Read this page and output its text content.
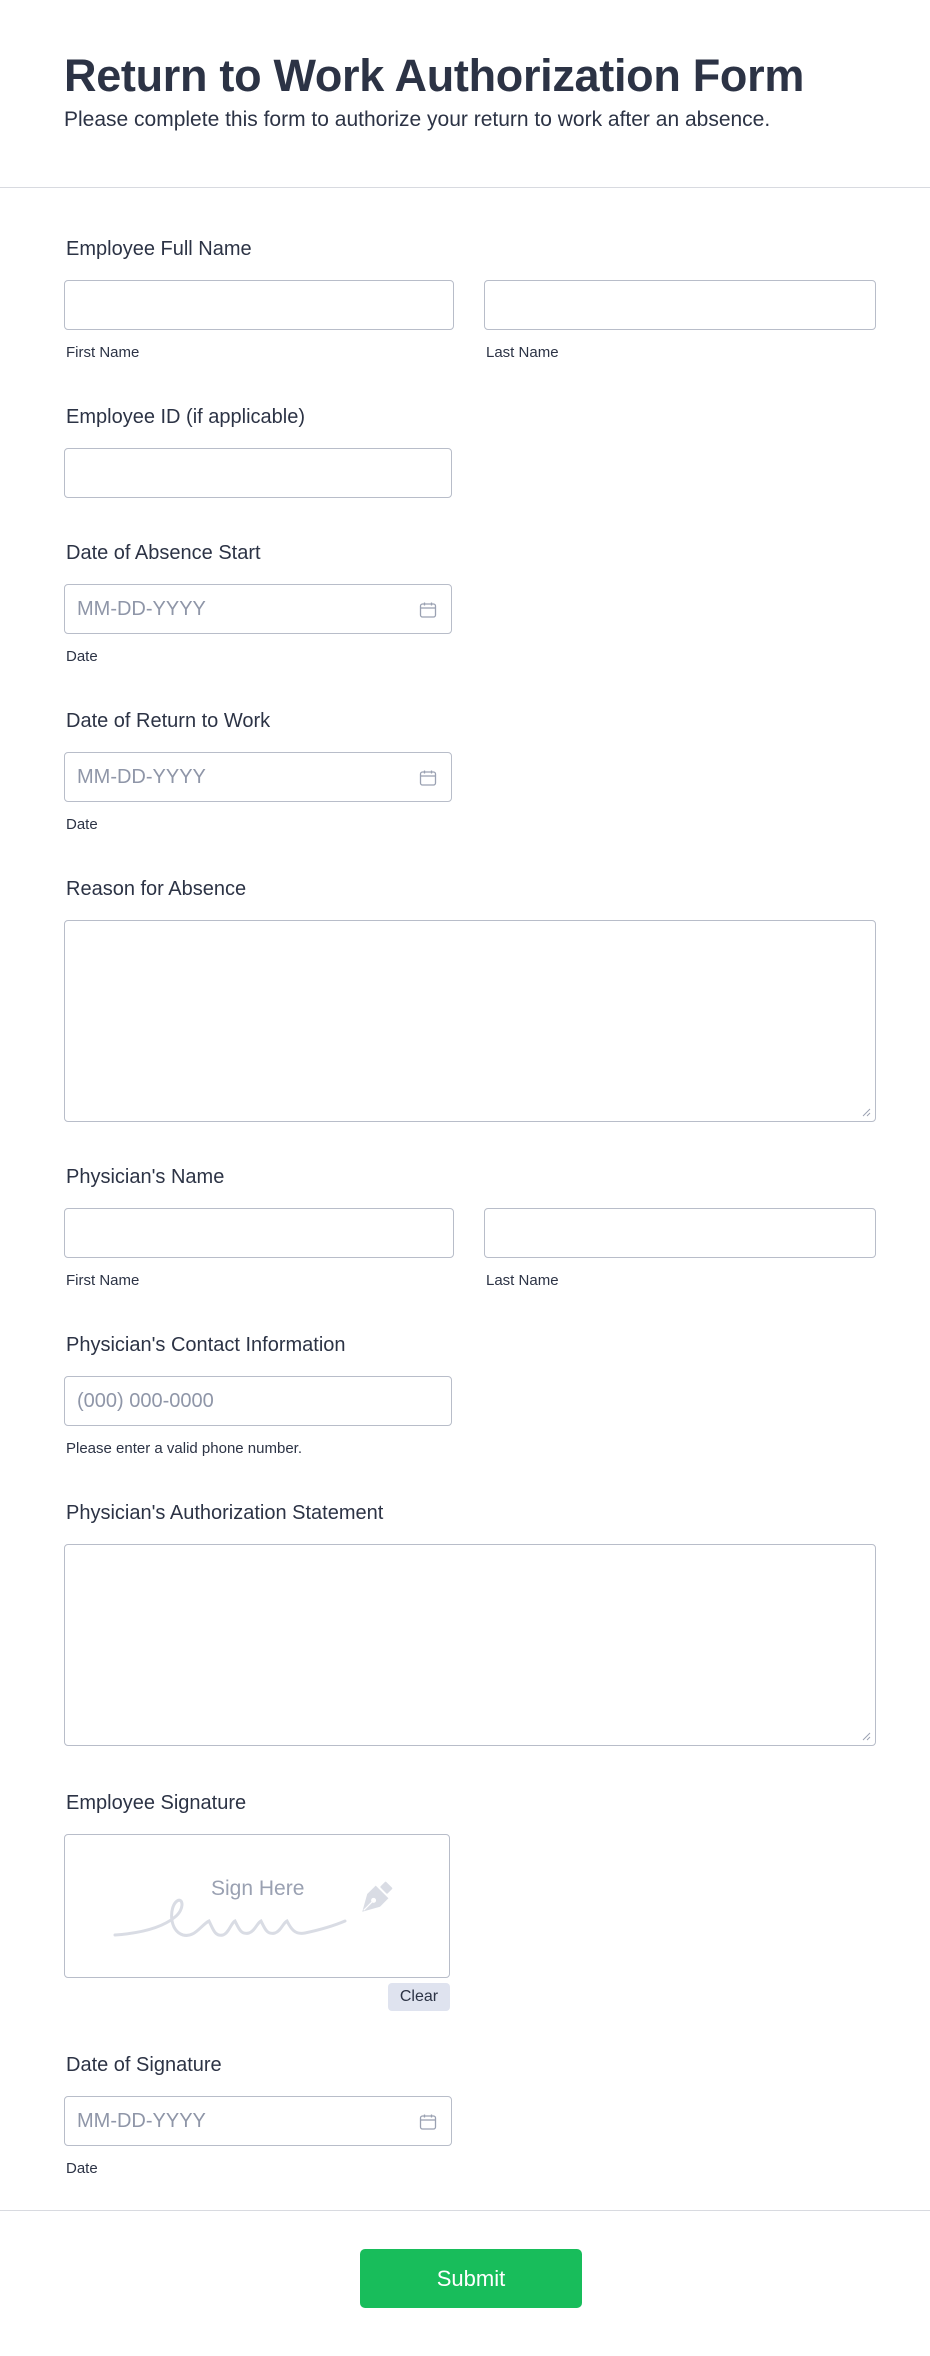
Return to Work Authorization Form

Please complete this form to authorize your return to work after an absence.

Employee Full Name
First Name	Last Name
Employee ID (if applicable)
Date of Absence Start
MM-DD-YYYY
Date
Date of Return to Work
MM-DD-YYYY
Date
Reason for Absence
Physician's Name
First Name	Last Name
Physician's Contact Information
(000) 000-0000
Please enter a valid phone number.
Physician's Authorization Statement
Employee Signature
Sign Here
Clear
Date of Signature
MM-DD-YYYY
Date
Submit
